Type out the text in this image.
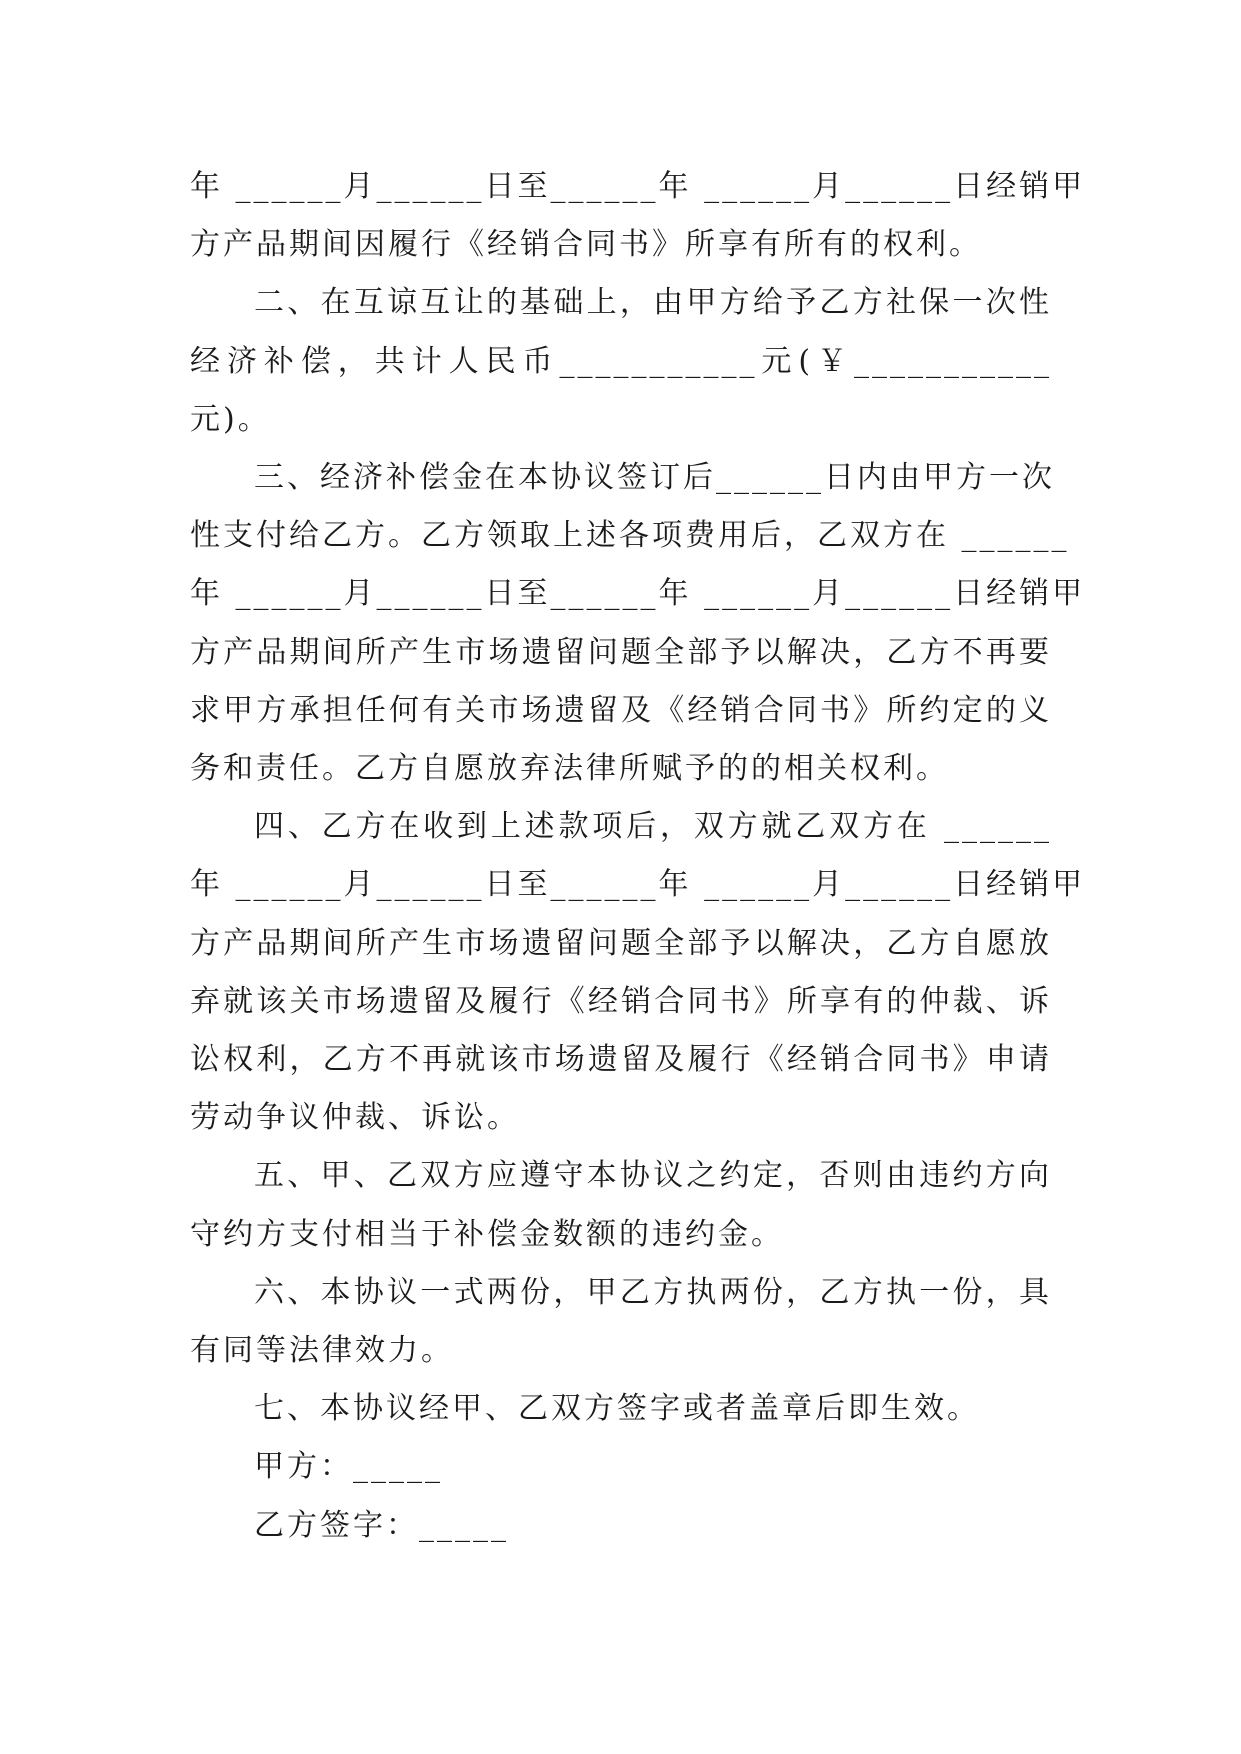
年 ______月______日至______年 ______月______日经销甲
方产品期间因履行《经销合同书》所享有所有的权利。
二、在互谅互让的基础上，由甲方给予乙方社保一次性
经济补偿，共计人民币___________元(￥___________
元)。
三、经济补偿金在本协议签订后______日内由甲方一次
性支付给乙方。乙方领取上述各项费用后，乙双方在 ______
年 ______月______日至______年 ______月______日经销甲
方产品期间所产生市场遗留问题全部予以解决，乙方不再要
求甲方承担任何有关市场遗留及《经销合同书》所约定的义
务和责任。乙方自愿放弃法律所赋予的的相关权利。
四、乙方在收到上述款项后，双方就乙双方在 ______
年 ______月______日至______年 ______月______日经销甲
方产品期间所产生市场遗留问题全部予以解决，乙方自愿放
弃就该关市场遗留及履行《经销合同书》所享有的仲裁、诉
讼权利，乙方不再就该市场遗留及履行《经销合同书》申请
劳动争议仲裁、诉讼。
五、甲、乙双方应遵守本协议之约定，否则由违约方向
守约方支付相当于补偿金数额的违约金。
六、本协议一式两份，甲乙方执两份，乙方执一份，具
有同等法律效力。
七、本协议经甲、乙双方签字或者盖章后即生效。
甲方：_____
乙方签字：_____
